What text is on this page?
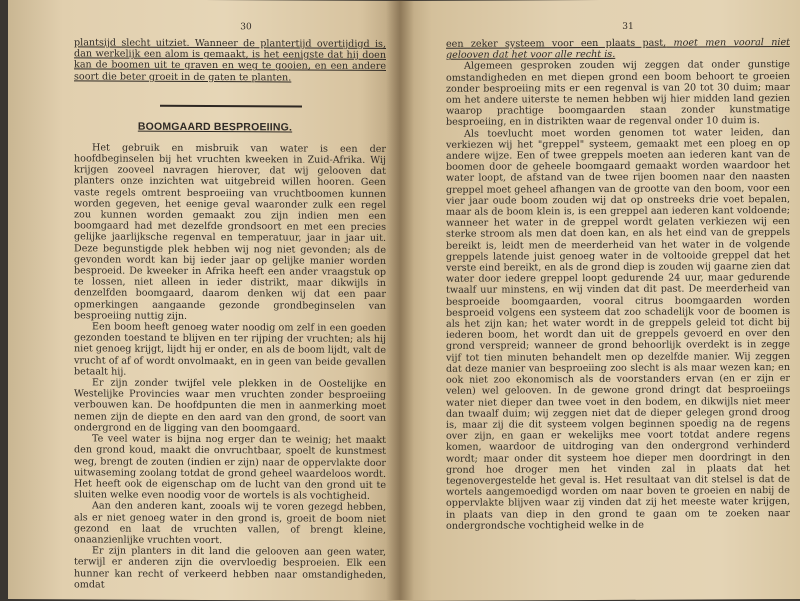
30

plantsijd slecht uitziet. Wanneer de plantertijd overtijdigd is, dan werkelijk een alom is gemaakt, is het eenigste dat hij doen kan de boomen uit te graven en weg te gooien, en een andere soort die beter groeit in de gaten te planten.

BOOMGAARD BESPROEIING.

Het gebruik en misbruik van water is een der hoofdbeginselen bij het vruchten kweeken in Zuid-Afrika. Wij krijgen zooveel navragen hierover, dat wij gelooven dat planters onze inzichten wat uitgebreid willen hooren. Geen vaste regels omtrent besproeiing van vruchtboomen kunnen worden gegeven, het eenige geval waaronder zulk een regel zou kunnen worden gemaakt zou zijn indien men een boomgaard had met dezelfde grondsoort en met een precies gelijke jaarlijksche regenval en temperatuur, jaar in jaar uit. Deze begunstigde plek hebben wij nog niet gevonden; als de gevonden wordt kan bij ieder jaar op gelijke manier worden besproeid. De kweeker in Afrika heeft een ander vraagstuk op te lossen, niet alleen in ieder distrikt, maar dikwijls in denzelfden boomgaard, daarom denken wij dat een paar opmerkingen aangaande gezonde grondbeginselen van besproeiing nuttig zijn.

Een boom heeft genoeg water noodig om zelf in een goeden gezonden toestand te blijven en ter rijping der vruchten; als hij niet genoeg krijgt, lijdt hij er onder, en als de boom lijdt, valt de vrucht of af of wordt onvolmaakt, en in geen van beide gevallen betaalt hij.

Er zijn zonder twijfel vele plekken in de Oostelijke en Westelijke Provincies waar men vruchten zonder besproeiing verbouwen kan. De hoofdpunten die men in aanmerking moet nemen zijn de diepte en den aard van den grond, de soort van ondergrond en de ligging van den boomgaard.

Te veel water is bijna nog erger dan te weinig; het maakt den grond koud, maakt die onvruchtbaar, spoelt de kunstmest weg, brengt de zouten (indien er zijn) naar de oppervlakte door uitwaseming zoolang totdat de grond geheel waardeloos wordt. Het heeft ook de eigenschap om de lucht van den grond uit te sluiten welke even noodig voor de wortels is als vochtigheid.

Aan den anderen kant, zooals wij te voren gezegd hebben, als er niet genoeg water in den grond is, groeit de boom niet gezond en laat de vruchten vallen, of brengt kleine, onaanzienlijke vruchten voort.

Er zijn planters in dit land die gelooven aan geen water, terwijl er anderen zijn die overvloedig besproeien. Elk een hunner kan recht of verkeerd hebben naar omstandigheden, omdat

31

een zeker systeem voor een plaats past, moet men vooral niet gelooven dat het voor alle recht is.

Algemeen gesproken zouden wij zeggen dat onder gunstige omstandigheden en met diepen grond een boom behoort te groeien zonder besproeiing mits er een regenval is van 20 tot 30 duim; maar om het andere uiterste te nemen hebben wij hier midden land gezien waarop prachtige boomgaarden staan zonder kunstmatige besproeiing, en in distrikten waar de regenval onder 10 duim is.

Als toevlucht moet worden genomen tot water leiden, dan verkiezen wij het "greppel" systeem, gemaakt met een ploeg en op andere wijze. Een of twee greppels moeten aan iederen kant van de boomen door de geheele boomgaard gemaakt worden waardoor het water loopt, de afstand van de twee rijen boomen naar den naasten greppel moet geheel afhangen van de grootte van den boom, voor een vier jaar oude boom zouden wij dat op onstreeks drie voet bepalen, maar als de boom klein is, is een greppel aan iederen kant voldoende; wanneer het water in de greppel wordt gelaten verkiezen wij een sterke stroom als men dat doen kan, en als het eind van de greppels bereikt is, leidt men de meerderheid van het water in de volgende greppels latende juist genoeg water in de voltooide greppel dat het verste eind bereikt, en als de grond diep is zouden wij gaarne zien dat water door iedere greppel loopt gedurende 24 uur, maar gedurende twaalf uur minstens, en wij vinden dat dit past. De meerderheid van besproeide boomgaarden, vooral citrus boomgaarden worden besproeid volgens een systeem dat zoo schadelijk voor de boomen is als het zijn kan; het water wordt in de greppels geleid tot dicht bij iederen boom, het wordt dan uit de greppels gevoerd en over den grond verspreid; wanneer de grond behoorlijk overdekt is in zegge vijf tot tien minuten behandelt men op dezelfde manier. Wij zeggen dat deze manier van besproeiing zoo slecht is als maar wezen kan; en ook niet zoo ekonomisch als de voorstanders ervan (en er zijn er velen) wel gelooven. In de gewone grond dringt dat besproeiings water niet dieper dan twee voet in den bodem, en dikwijls niet meer dan twaalf duim; wij zeggen niet dat de dieper gelegen grond droog is, maar zij die dit systeem volgen beginnen spoedig na de regens over zijn, en gaan er wekelijks mee voort totdat andere regens komen, waardoor de uitdroging van den ondergrond verhinderd wordt; maar onder dit systeem hoe dieper men doordringt in den grond hoe droger men het vinden zal in plaats dat het tegenovergestelde het geval is. Het resultaat van dit stelsel is dat de wortels aangemoedigd worden om naar boven te groeien en nabij de oppervlakte blijven waar zij vinden dat zij het meeste water krijgen, in plaats van diep in den grond te gaan om te zoeken naar ondergrondsche vochtigheid welke in de
